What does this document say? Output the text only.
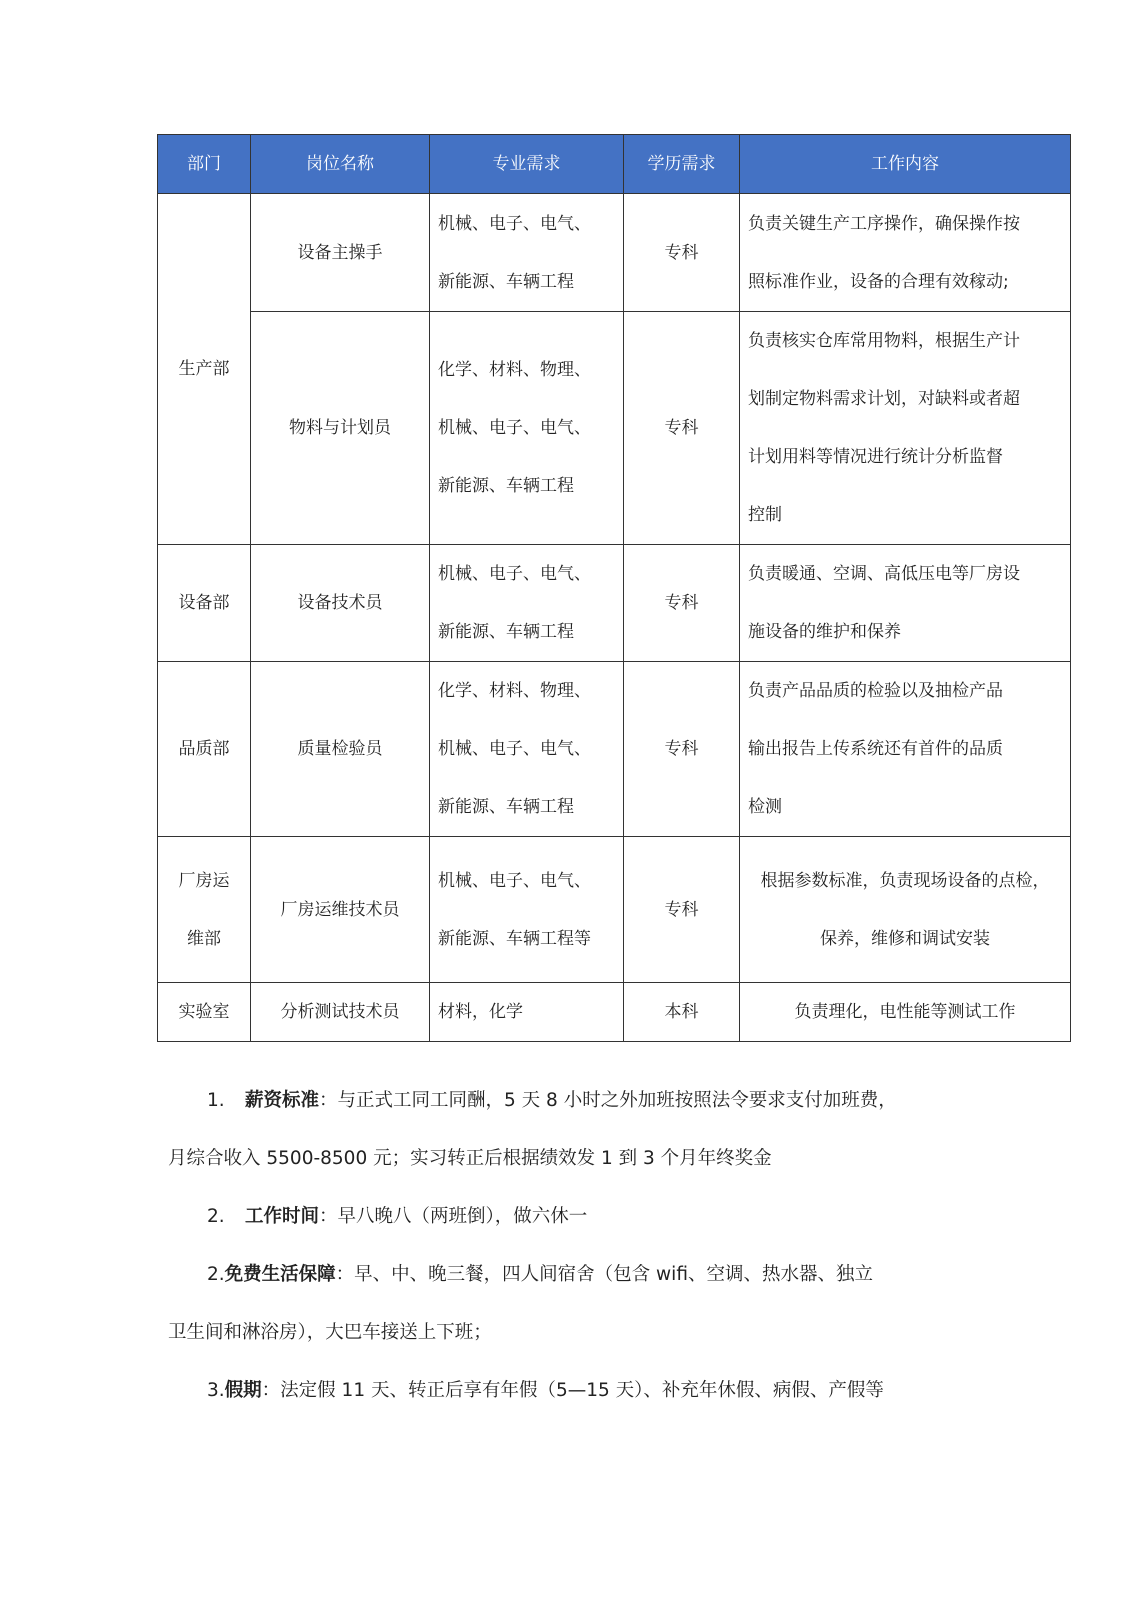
部门	岗位名称	专业需求	学历需求	工作内容
生产部	设备主操手	机械、电子、电气、
新能源、车辆工程	专科	负责关键生产工序操作，确保操作按
照标准作业，设备的合理有效稼动;
	物料与计划员	化学、材料、物理、
机械、电子、电气、
新能源、车辆工程	专科	负责核实仓库常用物料，根据生产计
划制定物料需求计划，对缺料或者超
计划用料等情况进行统计分析监督
控制
设备部	设备技术员	机械、电子、电气、
新能源、车辆工程	专科	负责暖通、空调、高低压电等厂房设
施设备的维护和保养
品质部	质量检验员	化学、材料、物理、
机械、电子、电气、
新能源、车辆工程	专科	负责产品品质的检验以及抽检产品
输出报告上传系统还有首件的品质
检测
厂房运
维部	厂房运维技术员	机械、电子、电气、
新能源、车辆工程等	专科	根据参数标准，负责现场设备的点检，
保养，维修和调试安装
实验室	分析测试技术员	材料，化学	本科	负责理化，电性能等测试工作

1. 薪资标准：与正式工同工同酬，5 天 8 小时之外加班按照法令要求支付加班费，

月综合收入 5500-8500 元；实习转正后根据绩效发 1 到 3 个月年终奖金

2. 工作时间：早八晚八（两班倒），做六休一

2.免费生活保障：早、中、晚三餐，四人间宿舍（包含 wifi、空调、热水器、独立

卫生间和淋浴房），大巴车接送上下班；

3.假期：法定假 11 天、转正后享有年假（5—15 天）、补充年休假、病假、产假等
